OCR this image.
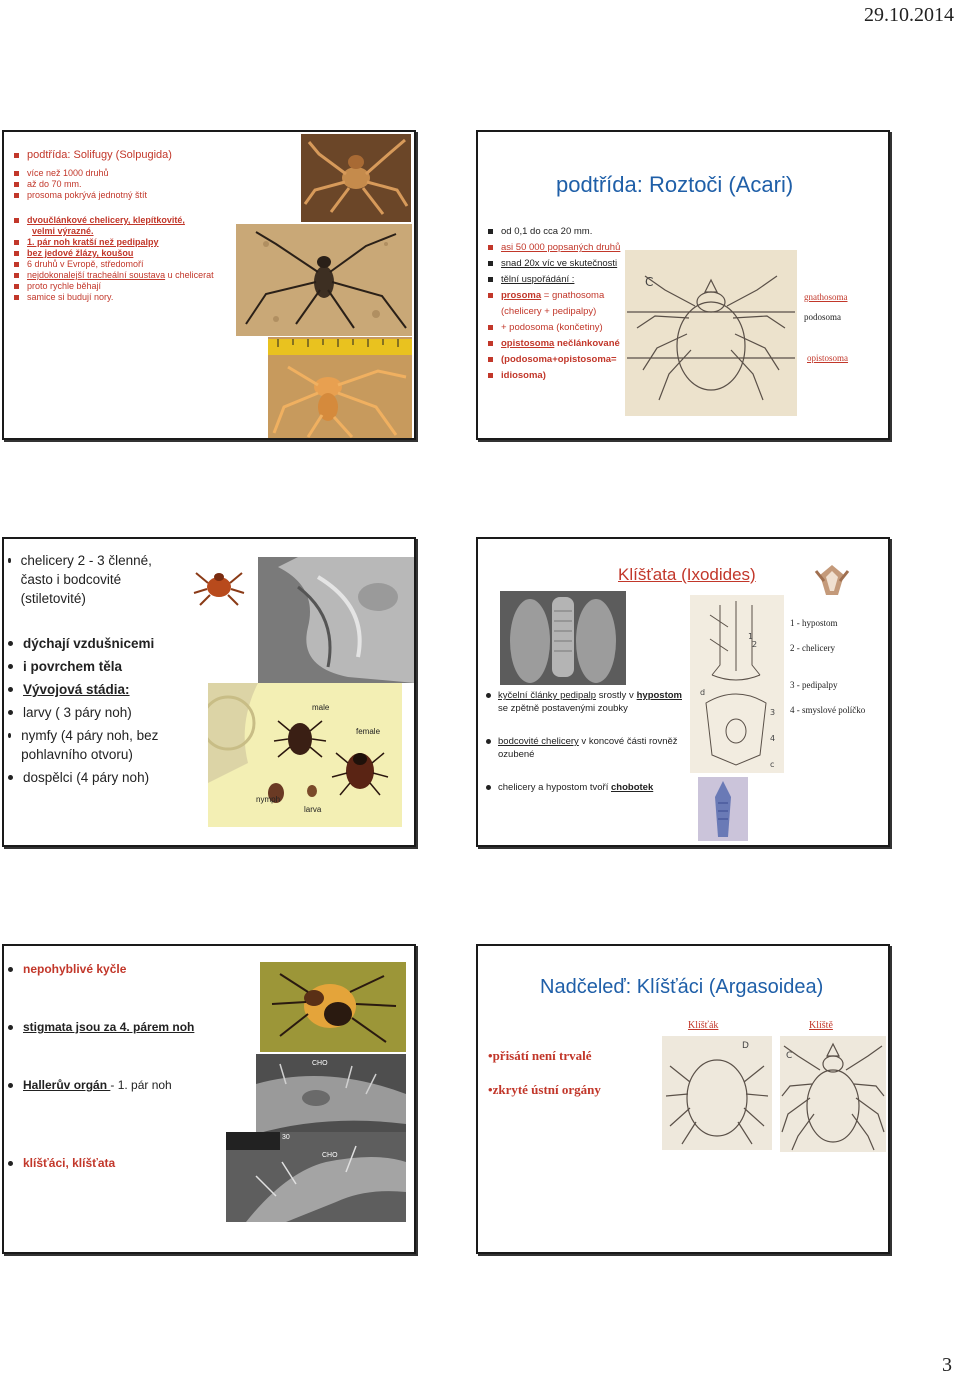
29.10.2014
podtřída: Solifugy (Solpugida)
více než 1000 druhů
až do 70 mm.
prosoma pokrývá jednotný štít
dvoučlánkové chelicery, klepítkovité,
velmi výrazné.
1. pár noh kratší než pedipalpy
bez jedové žlázy, koušou
6 druhů v Evropě, středomoří
nejdokonalejší tracheální soustava u chelicerat
proto rychle běhají
samice si budují nory.
podtřída: Roztoči (Acari)
od 0,1 do cca 20 mm.
asi 50 000 popsaných druhů
snad 20x víc ve skutečnosti
tělní uspořádání :
prosoma = gnathosoma
(chelicery + pedipalpy)
+ podosoma (končetiny)
opistosoma nečlánkované
(podosoma+opistosoma=
idiosoma)
C
gnathosoma
podosoma
opistosoma
chelicery 2 - 3 členné, často i bodcovité (stiletovité)
dýchají vzdušnicemi
i povrchem těla
Vývojová stádia:
larvy ( 3 páry noh)
nymfy (4 páry noh, bez pohlavního otvoru)
dospělci (4 páry noh)
male
female
nymph
larva
Klíšťata (Ixodides)
d
1
2
3
4
c
1 - hypostom
2 - chelicery
3 - pedipalpy
4 - smyslové políčko
kyčelní články pedipalp srostly v hypostom se zpětně postavenými zoubky
bodcovité chelicery v koncové části rovněž ozubené
chelicery a hypostom tvoří chobotek
nepohyblivé kyčle
stigmata jsou za 4. párem noh
Hallerův orgán - 1. pár noh
klíšťáci, klíšťata
CHO
30
CHO
Nadčeleď: Klíšťáci (Argasoidea)
Klíšťák	Klíště
•přisátí není trvalé
•zkryté ústní orgány
D
C
3
